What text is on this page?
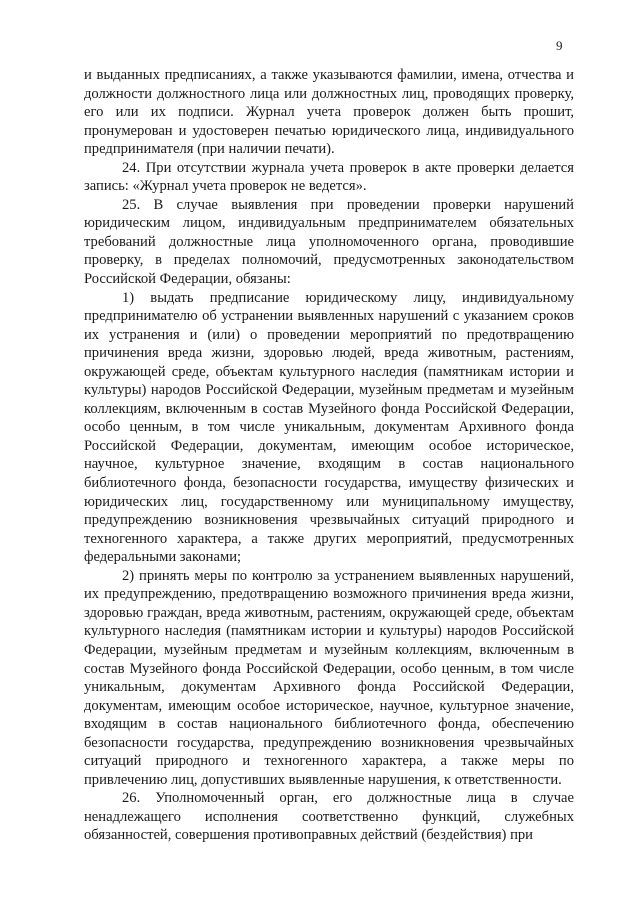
9

и выданных предписаниях, а также указываются фамилии, имена, отчества и должности должностного лица или должностных лиц, проводящих проверку, его или их подписи. Журнал учета проверок должен быть прошит, пронумерован и удостоверен печатью юридического лица, индивидуального предпринимателя (при наличии печати).

24. При отсутствии журнала учета проверок в акте проверки делается запись: «Журнал учета проверок не ведется».

25. В случае выявления при проведении проверки нарушений юридическим лицом, индивидуальным предпринимателем обязательных требований должностные лица уполномоченного органа, проводившие проверку, в пределах полномочий, предусмотренных законодательством Российской Федерации, обязаны:

1) выдать предписание юридическому лицу, индивидуальному предпринимателю об устранении выявленных нарушений с указанием сроков их устранения и (или) о проведении мероприятий по предотвращению причинения вреда жизни, здоровью людей, вреда животным, растениям, окружающей среде, объектам культурного наследия (памятникам истории и культуры) народов Российской Федерации, музейным предметам и музейным коллекциям, включенным в состав Музейного фонда Российской Федерации, особо ценным, в том числе уникальным, документам Архивного фонда Российской Федерации, документам, имеющим особое историческое, научное, культурное значение, входящим в состав национального библиотечного фонда, безопасности государства, имуществу физических и юридических лиц, государственному или муниципальному имуществу, предупреждению возникновения чрезвычайных ситуаций природного и техногенного характера, а также других мероприятий, предусмотренных федеральными законами;

2) принять меры по контролю за устранением выявленных нарушений, их предупреждению, предотвращению возможного причинения вреда жизни, здоровью граждан, вреда животным, растениям, окружающей среде, объектам культурного наследия (памятникам истории и культуры) народов Российской Федерации, музейным предметам и музейным коллекциям, включенным в состав Музейного фонда Российской Федерации, особо ценным, в том числе уникальным, документам Архивного фонда Российской Федерации, документам, имеющим особое историческое, научное, культурное значение, входящим в состав национального библиотечного фонда, обеспечению безопасности государства, предупреждению возникновения чрезвычайных ситуаций природного и техногенного характера, а также меры по привлечению лиц, допустивших выявленные нарушения, к ответственности.

26. Уполномоченный орган, его должностные лица в случае ненадлежащего исполнения соответственно функций, служебных обязанностей, совершения противоправных действий (бездействия) при
